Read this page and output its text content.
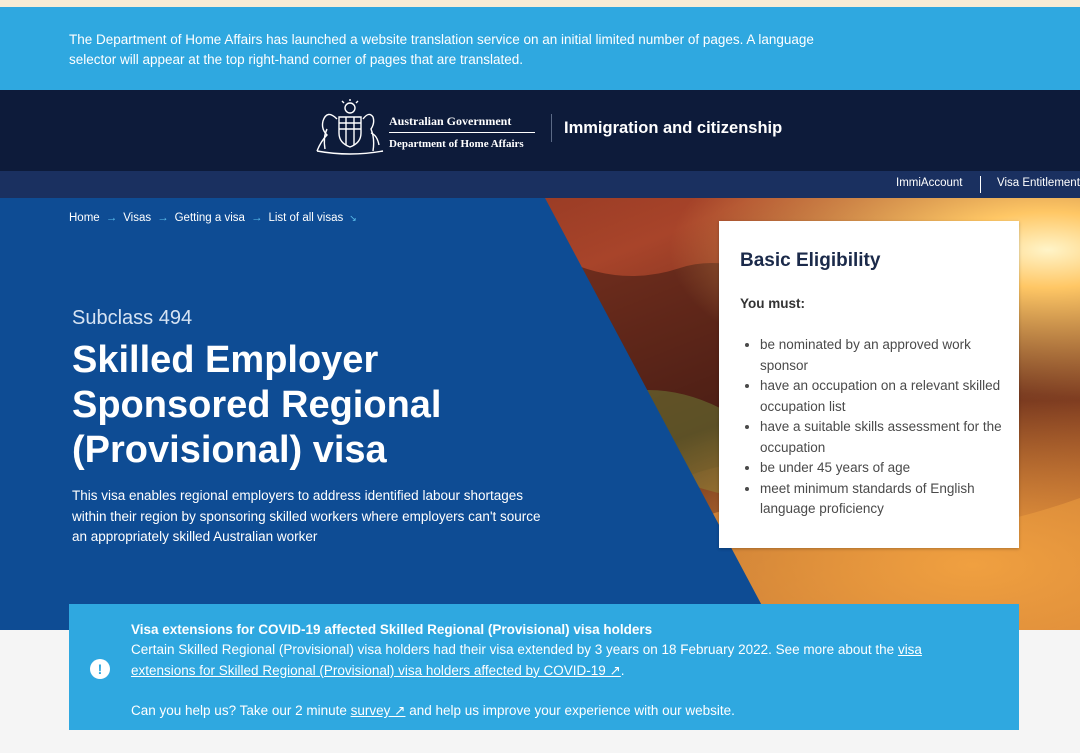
The Department of Home Affairs has launched a website translation service on an initial limited number of pages. A language selector will appear at the top right-hand corner of pages that are translated.

Australian Government
Department of Home Affairs
Immigration and citizenship
ImmiAccount	Visa Entitlement
Home → Visas → Getting a visa → List of all visas ↘
Subclass 494
Skilled Employer Sponsored Regional (Provisional) visa

This visa enables regional employers to address identified labour shortages within their region by sponsoring skilled workers where employers can't source an appropriately skilled Australian worker

Basic Eligibility

You must:

• be nominated by an approved work sponsor
• have an occupation on a relevant skilled occupation list
• have a suitable skills assessment for the occupation
• be under 45 years of age
• meet minimum standards of English language proficiency
!

Visa extensions for COVID-19 affected Skilled Regional (Provisional) visa holders

Certain Skilled Regional (Provisional) visa holders had their visa extended by 3 years on 18 February 2022. See more about the visa extensions for Skilled Regional (Provisional) visa holders affected by COVID-19 ↗.

Can you help us? Take our 2 minute survey ↗ and help us improve your experience with our website.
